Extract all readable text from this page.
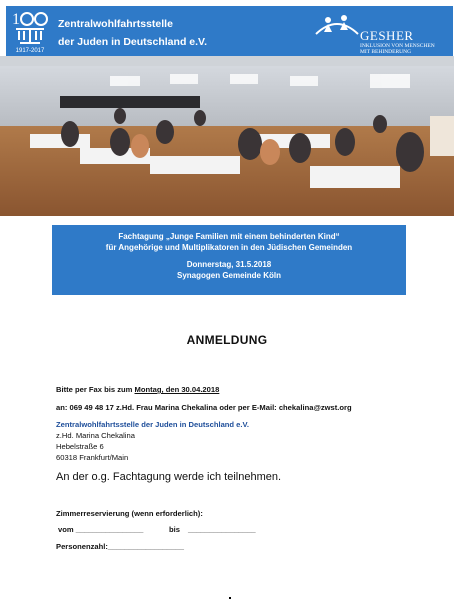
1
1917-2017
Zentralwohlfahrtsstelle
der Juden in Deutschland e.V.	GESHER
INKLUSION VON MENSCHEN
MIT BEHINDERUNG
Fachtagung „Junge Familien mit einem behinderten Kind“
für Angehörige und Multiplikatoren in den Jüdischen Gemeinden
Donnerstag, 31.5.2018
Synagogen Gemeinde Köln
ANMELDUNG
Bitte per Fax bis zum Montag, den 30.04.2018
an: 069 49 48 17 z.Hd. Frau Marina Chekalina oder per E-Mail: chekalina@zwst.org
Zentralwohlfahrtsstelle der Juden in Deutschland e.V.
z.Hd. Marina Chekalina
Hebelstraße 6
60318 Frankfurt/Main
An der o.g. Fachtagung werde ich teilnehmen.
Zimmerreservierung (wenn erforderlich):
vom ________________	bis ________________
Personenzahl:__________________
